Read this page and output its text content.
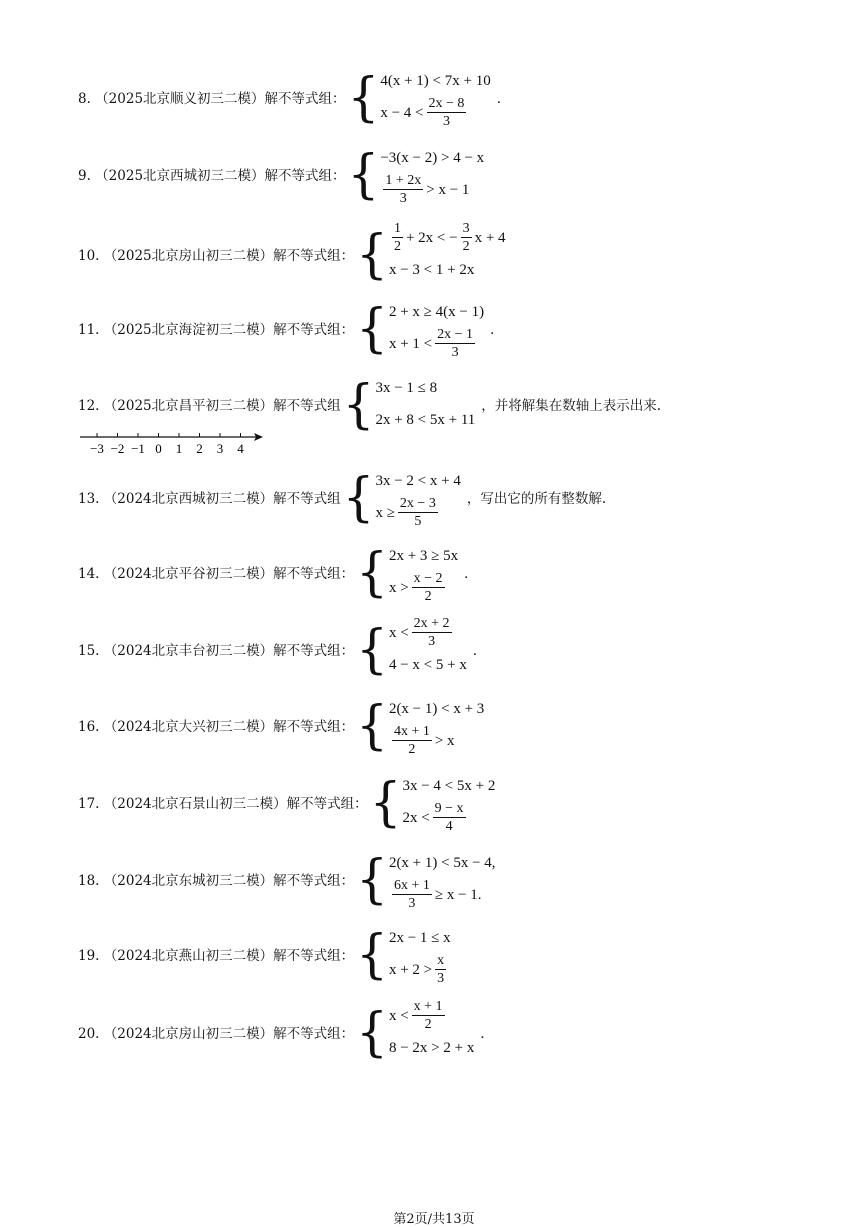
8. （2025北京顺义初三二模）解不等式组： { 4(x + 1) < 7x + 10
$x - 4 < \frac{2x - 8}{3}$ ．
9. （2025北京西城初三二模）解不等式组： { −3(x − 2) > 4 − x
$\frac{1 + 2x}{3} > x - 1$
10. （2025北京房山初三二模）解不等式组： { $\frac{1}{2} + 2x$ < − $\frac{3}{2}$ x + 4
x − 3 < 1 + 2x
11. （2025北京海淀初三二模）解不等式组： { 2 + x ≥ 4(x − 1)
$x + 1 < \frac{2x - 1}{3}$ ．
12. （2025北京昌平初三二模）解不等式组 { 3x − 1 ≤ 8
2x + 8 < 5x + 11
，并将解集在数轴上表示出来.
13. （2024北京西城初三二模）解不等式组 { 3x − 2 < x + 4
$x \ge \frac{2x - 3}{5}$ ，写出它的所有整数解.
14. （2024北京平谷初三二模）解不等式组： { 2x + 3 ≥ 5x
$x > \frac{x - 2}{2}$ ．
15. （2024北京丰台初三二模）解不等式组： { $x < \frac{2x + 2}{3}$
4 − x < 5 + x
．
16. （2024北京大兴初三二模）解不等式组： { 2(x − 1) < x + 3
$\frac{4x + 1}{2} > x$
17. （2024北京石景山初三二模）解不等式组： { 3x − 4 < 5x + 2
$2x < \frac{9 - x}{4}$
18. （2024北京东城初三二模）解不等式组： { 2(x + 1) < 5x − 4,
$\frac{6x + 1}{3} \ge x - 1$.
19. （2024北京燕山初三二模）解不等式组： { 2x − 1 ≤ x
$x + 2 > \frac{x}{3}$
20. （2024北京房山初三二模）解不等式组： { $x < \frac{x + 1}{2}$
8 − 2x > 2 + x
．
−3 −2 −1 0 1 2 3 4
第2页/共13页
